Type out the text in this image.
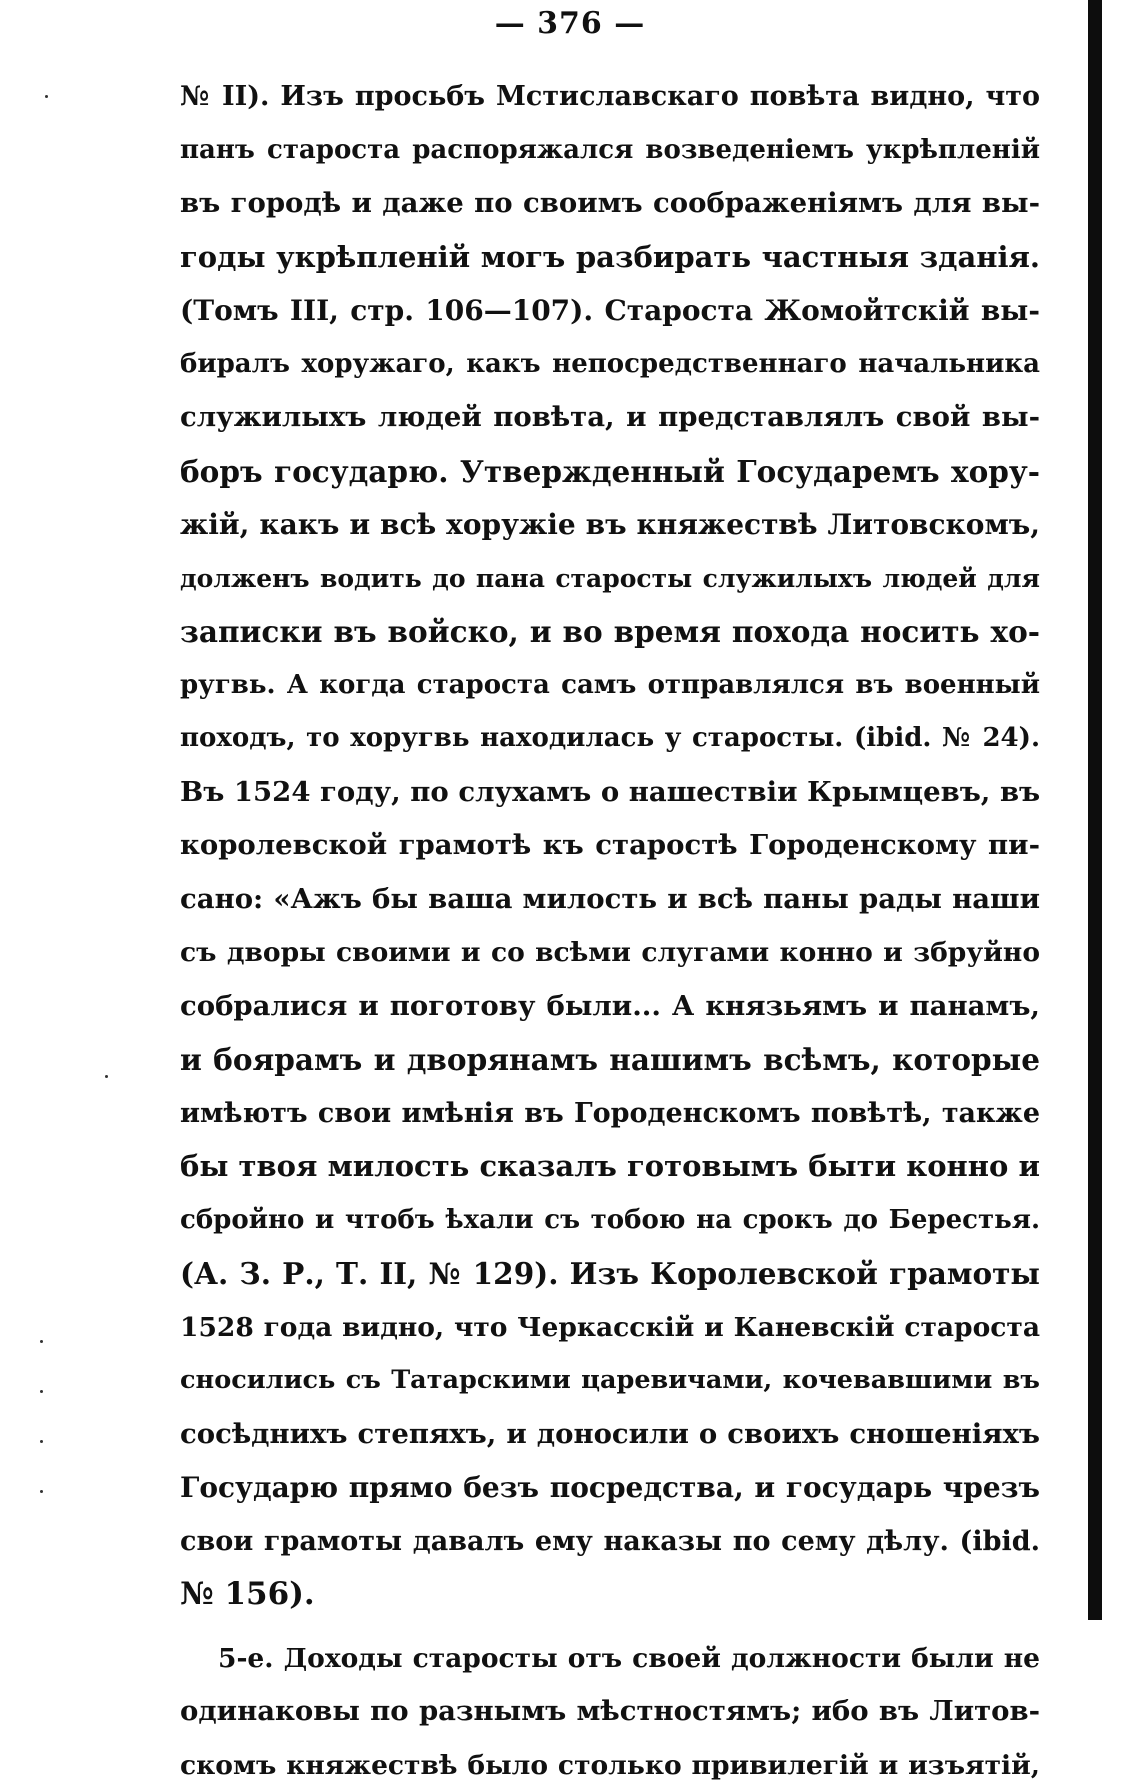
— 376 —
№ II). Изъ просьбъ Мстиславскаго повѣта видно, что
панъ староста распоряжался возведеніемъ укрѣпленій
въ городѣ и даже по своимъ соображеніямъ для вы-
годы укрѣпленій могъ разбирать частныя зданія.
(Томъ III, стр. 106—107). Староста Жомойтскій вы-
биралъ хоружаго, какъ непосредственнаго начальника
служилыхъ людей повѣта, и представлялъ свой вы-
боръ государю. Утвержденный Государемъ хору-
жій, какъ и всѣ хоружіе въ княжествѣ Литовскомъ,
долженъ водить до пана старосты служилыхъ людей для
записки въ войско, и во время похода носить хо-
ругвь. А когда староста самъ отправлялся въ военный
походъ, то хоругвь находилась у старосты. (ibid. № 24).
Въ 1524 году, по слухамъ о нашествіи Крымцевъ, въ
королевской грамотѣ къ старостѣ Городенскому пи-
сано: «Ажъ бы ваша милость и всѣ паны рады наши
съ дворы своими и со всѣми слугами конно и збруйно
собралися и поготову были... А князьямъ и панамъ,
и боярамъ и дворянамъ нашимъ всѣмъ, которые
имѣютъ свои имѣнія въ Городенскомъ повѣтѣ, также
бы твоя милость сказалъ готовымъ быти конно и
сбройно и чтобъ ѣхали съ тобою на срокъ до Берестья.
(А. З. Р., Т. II, № 129). Изъ Королевской грамоты
1528 года видно, что Черкасскій и Каневскій староста
сносились съ Татарскими царевичами, кочевавшими въ
сосѣднихъ степяхъ, и доносили о своихъ сношеніяхъ
Государю прямо безъ посредства, и государь чрезъ
свои грамоты давалъ ему наказы по сему дѣлу. (ibid.
№ 156).
5-е. Доходы старосты отъ своей должности были не
одинаковы по разнымъ мѣстностямъ; ибо въ Литов-
скомъ княжествѣ было столько привилегій и изъятій,
